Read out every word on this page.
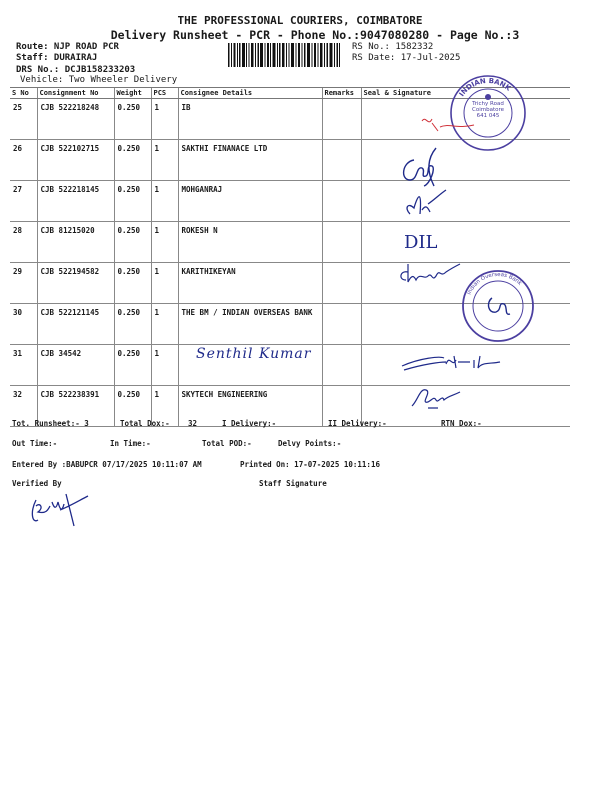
THE PROFESSIONAL COURIERS, COIMBATORE
Delivery Runsheet - PCR - Phone No.:9047080280 - Page No.:3
Route: NJP ROAD PCR
Staff: DURAIRAJ
DRS No.: DCJB158233203
Vehicle: Two Wheeler Delivery
RS No.: 1582332
RS Date: 17-Jul-2025
S No	Consignment No	Weight	PCS	Consignee Details	Remarks	Seal & Signature
25	CJB 522218248	0.250	1	IB		
26	CJB 522102715	0.250	1	SAKTHI FINANACE LTD		
27	CJB 522218145	0.250	1	MOHGANRAJ		
28	CJB 81215020	0.250	1	ROKESH N		
29	CJB 522194582	0.250	1	KARITHIKEYAN		
30	CJB 522121145	0.250	1	THE BM / INDIAN OVERSEAS BANK		
31	CJB 34542	0.250	1			
32	CJB 522238391	0.250	1	SKYTECH ENGINEERING		
Senthil Kumar
INDIAN BANK
Trichy Road Coimbatore 641 045
DIL
Indian Overseas Bank
Tot. Runsheet:- 3	Total Dox:- 32	I Delivery:-	II Delivery:-	RTN Dox:-
Out Time:-	In Time:-	Total POD:-	Delvy Points:-
Entered By :BABUPCR 07/17/2025 10:11:07 AM	Printed On: 17-07-2025 10:11:16
Verified By	Staff Signature
